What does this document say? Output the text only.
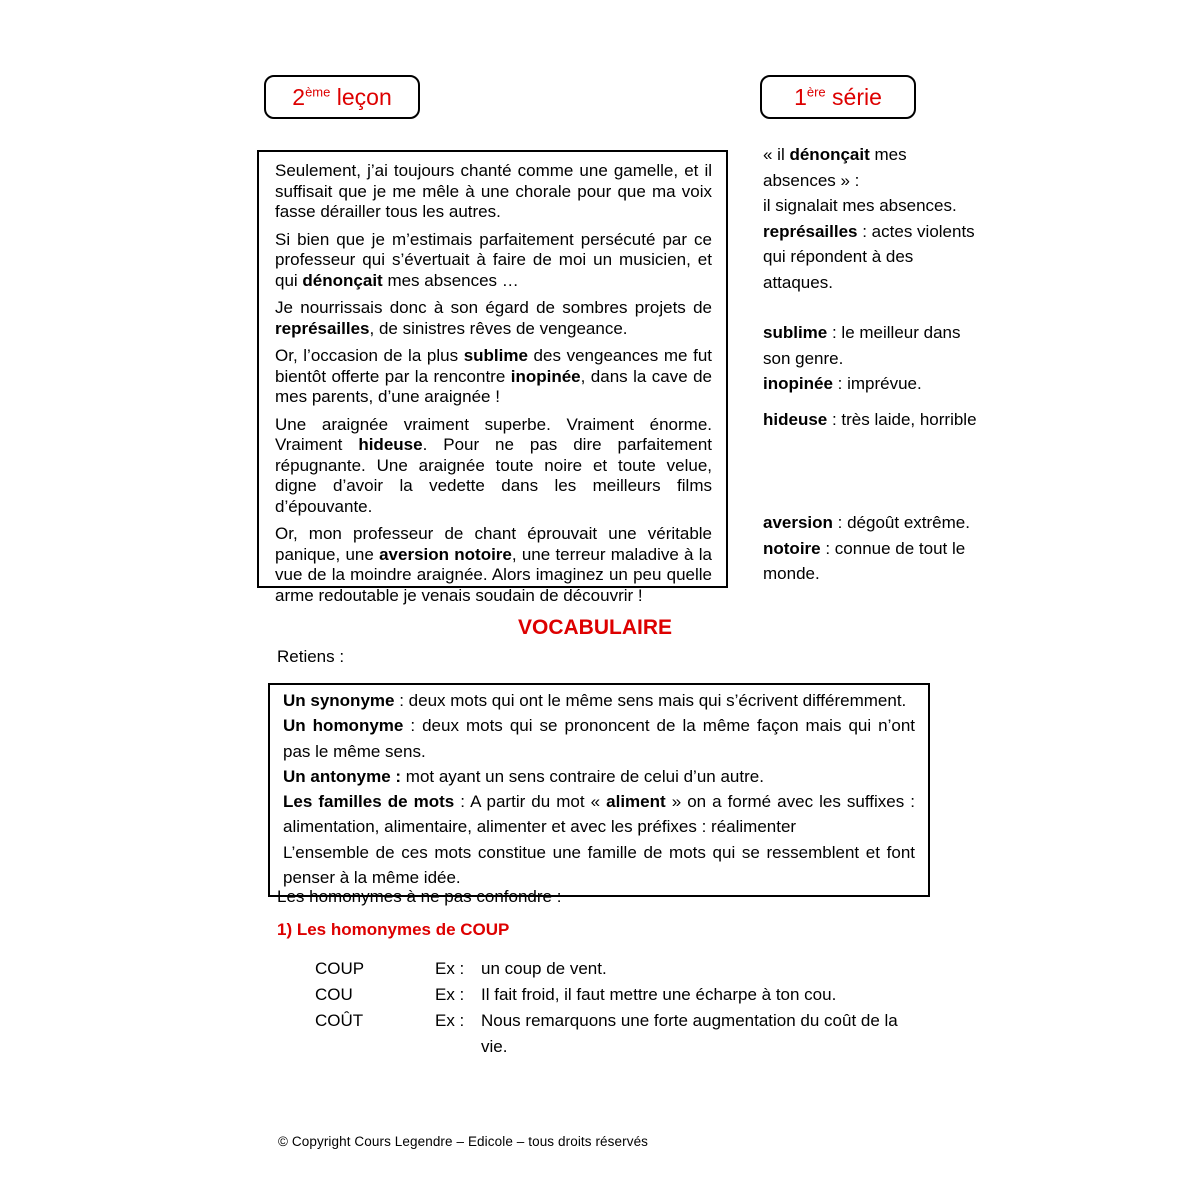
2ème leçon	1ère série

Seulement, j’ai toujours chanté comme une gamelle, et il suffisait que je me mêle à une chorale pour que ma voix fasse dérailler tous les autres.

Si bien que je m’estimais parfaitement persécuté par ce professeur qui s’évertuait à faire de moi un musicien, et qui dénonçait mes absences …

Je nourrissais donc à son égard de sombres projets de représailles, de sinistres rêves de vengeance.

Or, l’occasion de la plus sublime des vengeances me fut bientôt offerte par la rencontre inopinée, dans la cave de mes parents, d’une araignée !

Une araignée vraiment superbe. Vraiment énorme. Vraiment hideuse. Pour ne pas dire parfaitement répugnante. Une araignée toute noire et toute velue, digne d’avoir la vedette dans les meilleurs films d’épouvante.

Or, mon professeur de chant éprouvait une véritable panique, une aversion notoire, une terreur maladive à la vue de la moindre araignée. Alors imaginez un peu quelle arme redoutable je venais soudain de découvrir !

« il dénonçait mes absences » :

il signalait mes absences.

représailles : actes violents qui répondent à des attaques.

sublime : le meilleur dans son genre.

inopinée : imprévue.

hideuse : très laide, horrible

aversion : dégoût extrême.

notoire : connue de tout le monde.

VOCABULAIRE
Retiens :

Un synonyme : deux mots qui ont le même sens mais qui s’écrivent différemment.

Un homonyme : deux mots qui se prononcent de la même façon mais qui n’ont pas le même sens.

Un antonyme : mot ayant un sens contraire de celui d’un autre.

Les familles de mots : A partir du mot « aliment » on a formé avec les suffixes : alimentation, alimentaire, alimenter et avec les préfixes : réalimenter

L’ensemble de ces mots constitue une famille de mots qui se ressemblent et font penser à la même idée.

Les homonymes à ne pas confondre :
1) Les homonymes de COUP
COUP	Ex : un coup de vent.
COU	Ex : Il fait froid, il faut mettre une écharpe à ton cou.
COÛT	Ex : Nous remarquons une forte augmentation du coût de la vie.
© Copyright Cours Legendre – Edicole – tous droits réservés
